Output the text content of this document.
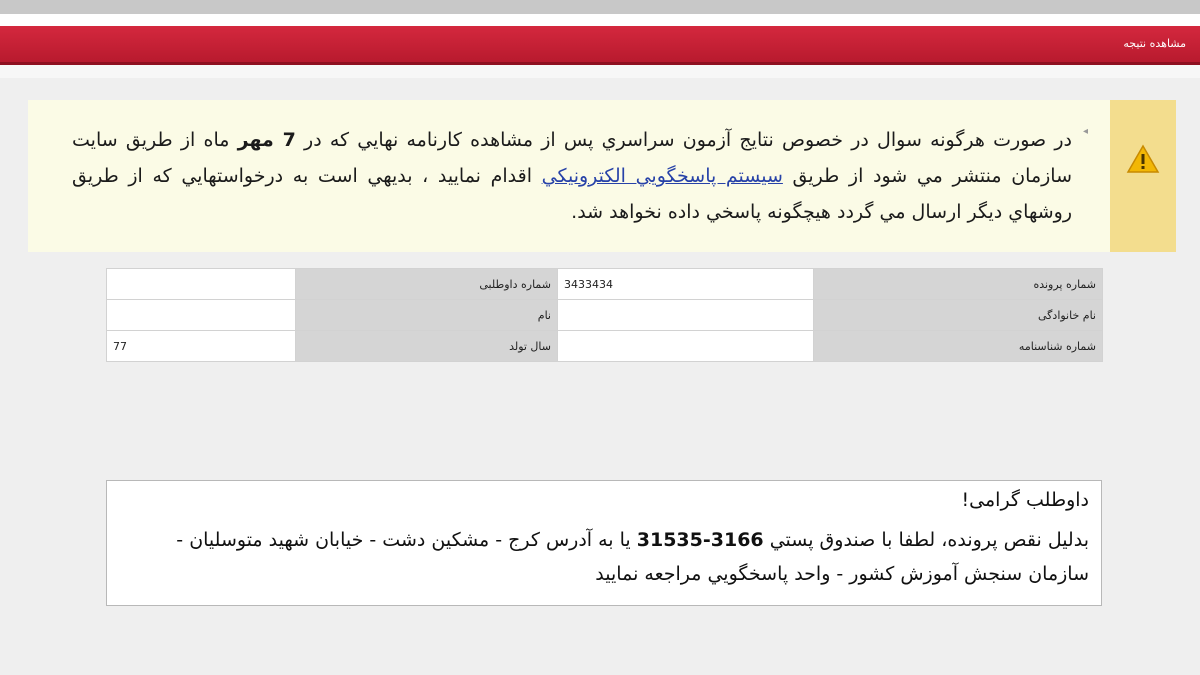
مشاهده نتیجه
◂
در صورت هرگونه سوال در خصوص نتایج آزمون سراسري پس از مشاهده کارنامه نهايي که در 7 مهر ماه از طريق سايت سازمان منتشر مي شود از طريق سيستم پاسخگويي الکترونيکي اقدام نماييد ، بديهي است به درخواستهايي که از طريق روشهاي ديگر ارسال مي گردد هيچگونه پاسخي داده نخواهد شد.
شماره پرونده	3433434	شماره داوطلبی	
نام خانوادگی		نام	
شماره شناسنامه		سال تولد	77
داوطلب گرامی!
بدلیل نقص پرونده، لطفا با صندوق پستي 3166-31535 يا به آدرس کرج - مشکين دشت - خيابان شهيد متوسليان - سازمان سنجش آموزش کشور - واحد پاسخگويي مراجعه نماييد
